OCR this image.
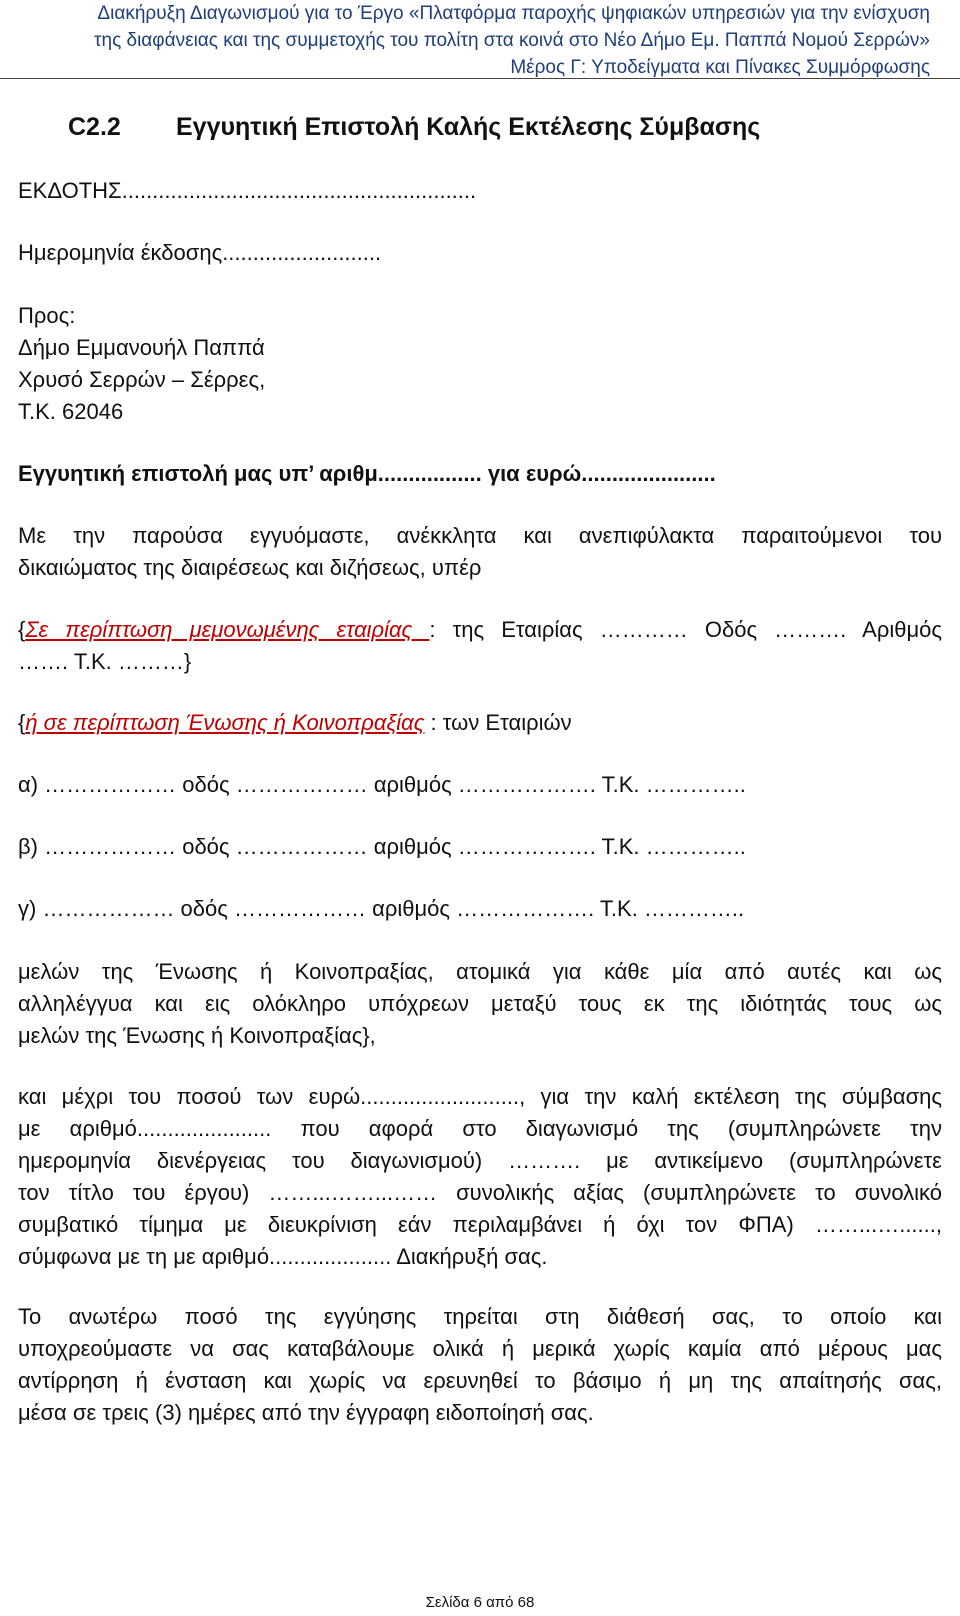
Διακήρυξη Διαγωνισμού για το Έργο «Πλατφόρμα παροχής ψηφιακών υπηρεσιών για την ενίσχυση
της διαφάνειας και της συμμετοχής του πολίτη στα κοινά στο Νέο Δήμο Εμ. Παππά Νομού Σερρών»
Μέρος Γ: Υποδείγματα και Πίνακες Συμμόρφωσης
C2.2 Εγγυητική Επιστολή Καλής Εκτέλεσης Σύμβασης
ΕΚΔΟΤΗΣ..........................................................
Ημερομηνία έκδοσης..........................
Προς:
Δήμο Εμμανουήλ Παππά
Χρυσό Σερρών – Σέρρες,
Τ.Κ. 62046
Εγγυητική επιστολή μας υπ’ αριθμ................. για ευρώ......................
Με την παρούσα εγγυόμαστε, ανέκκλητα και ανεπιφύλακτα παραιτούμενοι του
δικαιώματος της διαιρέσεως και διζήσεως, υπέρ
{Σε περίπτωση μεμονωμένης εταιρίας : της Εταιρίας ………… Οδός ………. Αριθμός
……. Τ.Κ. ………}
{ή σε περίπτωση Ένωσης ή Κοινοπραξίας : των Εταιριών
α) ……………… οδός ……………… αριθμός ………………. Τ.Κ. …………..
β) ……………… οδός ……………… αριθμός ………………. Τ.Κ. …………..
γ) ……………… οδός ……………… αριθμός ………………. Τ.Κ. …………..
μελών της Ένωσης ή Κοινοπραξίας, ατομικά για κάθε μία από αυτές και ως
αλληλέγγυα και εις ολόκληρο υπόχρεων μεταξύ τους εκ της ιδιότητάς τους ως
μελών της Ένωσης ή Κοινοπραξίας},
και μέχρι του ποσού των ευρώ.........................., για την καλή εκτέλεση της σύμβασης
με αριθμό...................... που αφορά στο διαγωνισμό της (συμπληρώνετε την
ημερομηνία διενέργειας του διαγωνισμού) ………. με αντικείμενο (συμπληρώνετε
τον τίτλο του έργου) ……...……...…… συνολικής αξίας (συμπληρώνετε το συνολικό
συμβατικό τίμημα με διευκρίνιση εάν περιλαμβάνει ή όχι τον ΦΠΑ) ……...…......,
σύμφωνα με τη με αριθμό.................... Διακήρυξή σας.
Το ανωτέρω ποσό της εγγύησης τηρείται στη διάθεσή σας, το οποίο και
υποχρεούμαστε να σας καταβάλουμε ολικά ή μερικά χωρίς καμία από μέρους μας
αντίρρηση ή ένσταση και χωρίς να ερευνηθεί το βάσιμο ή μη της απαίτησής σας,
μέσα σε τρεις (3) ημέρες από την έγγραφη ειδοποίησή σας.
Σελίδα 6 από 68
